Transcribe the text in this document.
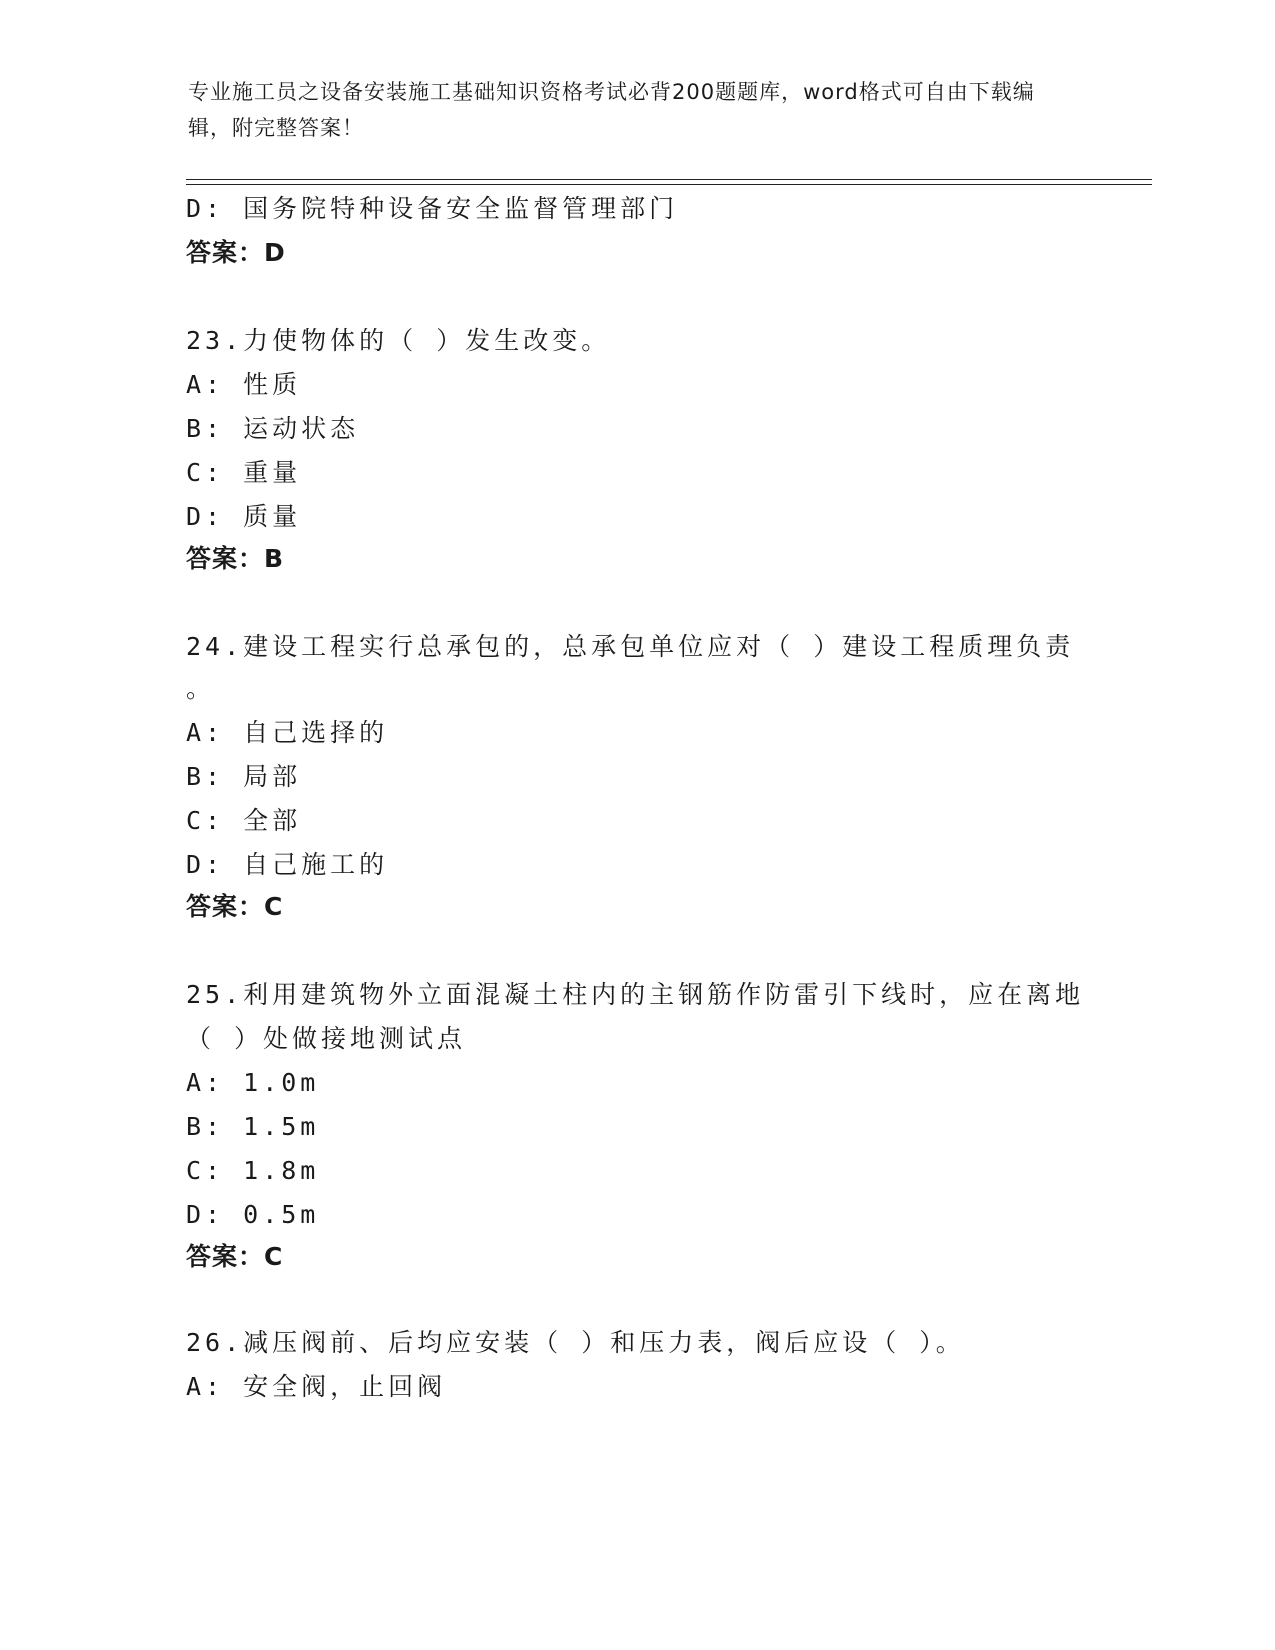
专业施工员之设备安装施工基础知识资格考试必背200题题库，word格式可自由下载编辑，附完整答案！
D: 国务院特种设备安全监督管理部门
答案：D
23.力使物体的（ ）发生改变。
A: 性质
B: 运动状态
C: 重量
D: 质量
答案：B
24.建设工程实行总承包的，总承包单位应对（ ）建设工程质理负责
。
A: 自己选择的
B: 局部
C: 全部
D: 自己施工的
答案：C
25.利用建筑物外立面混凝土柱内的主钢筋作防雷引下线时，应在离地
（ ）处做接地测试点
A: 1.0m
B: 1.5m
C: 1.8m
D: 0.5m
答案：C
26.减压阀前、后均应安装（ ）和压力表，阀后应设（ ）。
A: 安全阀，止回阀
